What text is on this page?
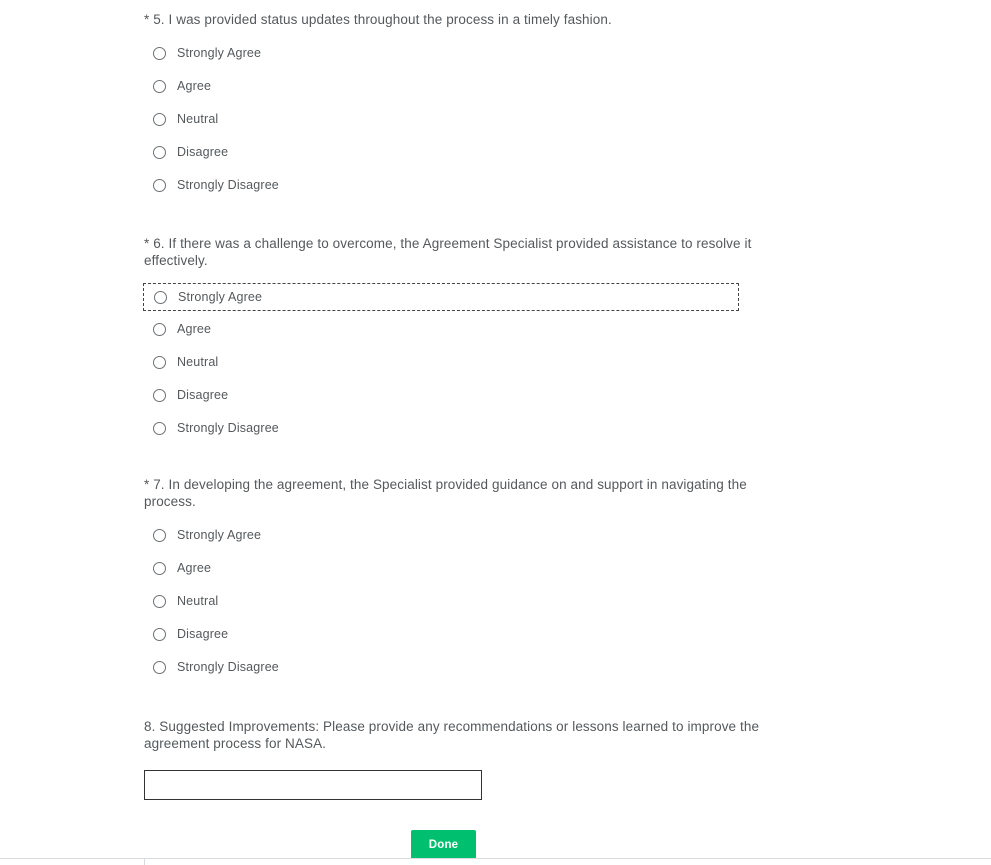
* 5. I was provided status updates throughout the process in a timely fashion.
Strongly Agree
Agree
Neutral
Disagree
Strongly Disagree
* 6. If there was a challenge to overcome, the Agreement Specialist provided assistance to resolve it effectively.
Strongly Agree
Agree
Neutral
Disagree
Strongly Disagree
* 7. In developing the agreement, the Specialist provided guidance on and support in navigating the process.
Strongly Agree
Agree
Neutral
Disagree
Strongly Disagree
8. Suggested Improvements: Please provide any recommendations or lessons learned to improve the agreement process for NASA.
Done
